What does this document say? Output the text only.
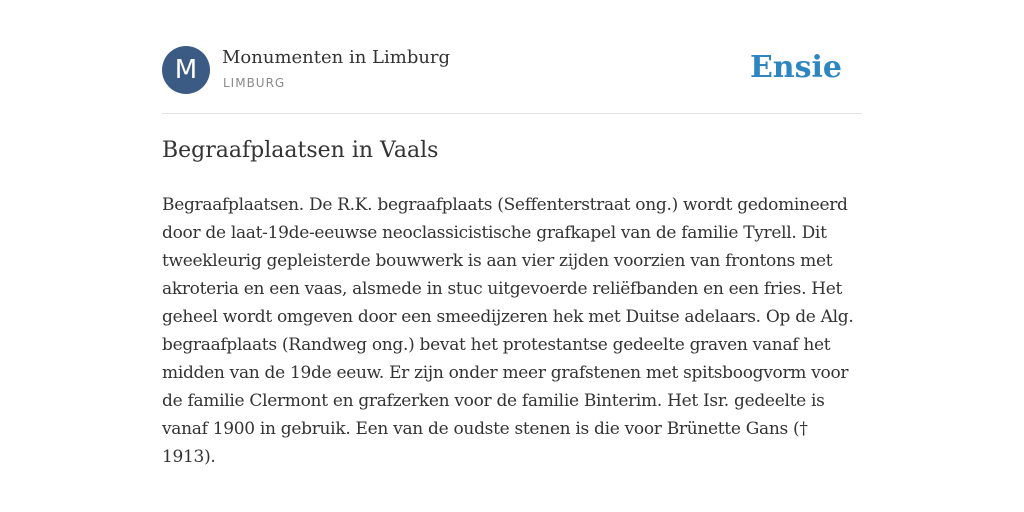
M	Monumenten in Limburg
LIMBURG	Ensie
Begraafplaatsen in Vaals
Begraafplaatsen. De R.K. begraafplaats (Seffenterstraat ong.) wordt gedomineerd door de laat-19de-eeuwse neoclassicistische grafkapel van de familie Tyrell. Dit tweekleurig gepleisterde bouwwerk is aan vier zijden voorzien van frontons met akroteria en een vaas, alsmede in stuc uitgevoerde reliëfbanden en een fries. Het geheel wordt omgeven door een smeedijzeren hek met Duitse adelaars. Op de Alg. begraafplaats (Randweg ong.) bevat het protestantse gedeelte graven vanaf het midden van de 19de eeuw. Er zijn onder meer grafstenen met spitsboogvorm voor de familie Clermont en grafzerken voor de familie Binterim. Het Isr. gedeelte is vanaf 1900 in gebruik. Een van de oudste stenen is die voor Brünette Gans († 1913).
